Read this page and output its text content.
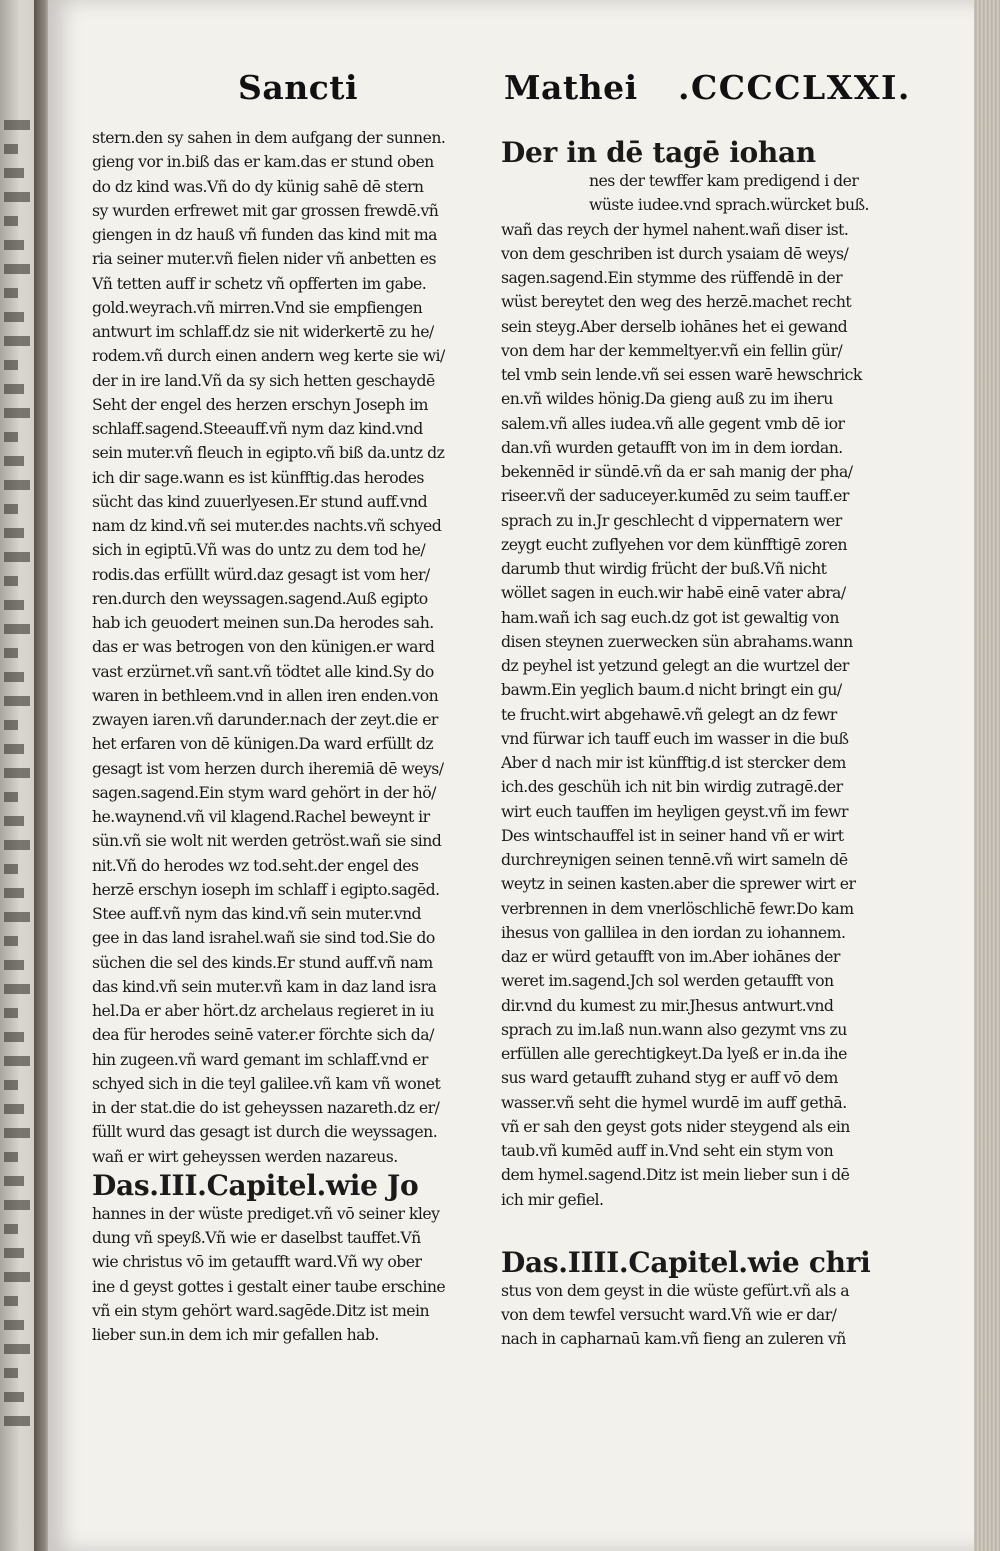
Sancti	Mathei .CCCCLXXI.
stern.den sy sahen in dem aufgang der sunnen.
gieng vor in.biß das er kam.das er stund oben
do dz kind was.Vñ do dy künig sahē dē stern
sy wurden erfrewet mit gar grossen frewdē.vñ
giengen in dz hauß vñ funden das kind mit ma
ria seiner muter.vñ fielen nider vñ anbetten es
Vñ tetten auff ir schetz vñ opfferten im gabe.
gold.weyrach.vñ mirren.Vnd sie empfiengen
antwurt im schlaff.dz sie nit widerkertē zu he/
rodem.vñ durch einen andern weg kerte sie wi/
der in ire land.Vñ da sy sich hetten geschaydē
Seht der engel des herzen erschyn Joseph im
schlaff.sagend.Steeauff.vñ nym daz kind.vnd
sein muter.vñ fleuch in egipto.vñ biß da.untz dz
ich dir sage.wann es ist künfftig.das herodes
sücht das kind zuuerlyesen.Er stund auff.vnd
nam dz kind.vñ sei muter.des nachts.vñ schyed
sich in egiptū.Vñ was do untz zu dem tod he/
rodis.das erfüllt würd.daz gesagt ist vom her/
ren.durch den weyssagen.sagend.Auß egipto
hab ich geuodert meinen sun.Da herodes sah.
das er was betrogen von den künigen.er ward
vast erzürnet.vñ sant.vñ tödtet alle kind.Sy do
waren in bethleem.vnd in allen iren enden.von
zwayen iaren.vñ darunder.nach der zeyt.die er
het erfaren von dē künigen.Da ward erfüllt dz
gesagt ist vom herzen durch iheremiā dē weys/
sagen.sagend.Ein stym ward gehört in der hö/
he.waynend.vñ vil klagend.Rachel beweynt ir
sün.vñ sie wolt nit werden getröst.wañ sie sind
nit.Vñ do herodes wz tod.seht.der engel des
herzē erschyn ioseph im schlaff i egipto.sagēd.
Stee auff.vñ nym das kind.vñ sein muter.vnd
gee in das land israhel.wañ sie sind tod.Sie do
süchen die sel des kinds.Er stund auff.vñ nam
das kind.vñ sein muter.vñ kam in daz land isra
hel.Da er aber hört.dz archelaus regieret in iu
dea für herodes seinē vater.er förchte sich da/
hin zugeen.vñ ward gemant im schlaff.vnd er
schyed sich in die teyl galilee.vñ kam vñ wonet
in der stat.die do ist geheyssen nazareth.dz er/
füllt wurd das gesagt ist durch die weyssagen.
wañ er wirt geheyssen werden nazareus.
Das.III.Capitel.wie Jo
hannes in der wüste prediget.vñ vō seiner kley
dung vñ speyß.Vñ wie er daselbst tauffet.Vñ
wie christus vō im getaufft ward.Vñ wy ober
ine d geyst gottes i gestalt einer taube erschine
vñ ein stym gehört ward.sagēde.Ditz ist mein
lieber sun.in dem ich mir gefallen hab.
Der in dē tagē iohan
nes der tewffer kam predigend i der
wüste iudee.vnd sprach.würcket buß.
wañ das reych der hymel nahent.wañ diser ist.
von dem geschriben ist durch ysaiam dē weys/
sagen.sagend.Ein stymme des rüffendē in der
wüst bereytet den weg des herzē.machet recht
sein steyg.Aber derselb iohānes het ei gewand
von dem har der kemmeltyer.vñ ein fellin gür/
tel vmb sein lende.vñ sei essen warē hewschrick
en.vñ wildes hönig.Da gieng auß zu im iheru
salem.vñ alles iudea.vñ alle gegent vmb dē ior
dan.vñ wurden getaufft von im in dem iordan.
bekennēd ir sündē.vñ da er sah manig der pha/
riseer.vñ der saduceyer.kumēd zu seim tauff.er
sprach zu in.Jr geschlecht d vippernatern wer
zeygt eucht zuflyehen vor dem künfftigē zoren
darumb thut wirdig frücht der buß.Vñ nicht
wöllet sagen in euch.wir habē einē vater abra/
ham.wañ ich sag euch.dz got ist gewaltig von
disen steynen zuerwecken sün abrahams.wann
dz peyhel ist yetzund gelegt an die wurtzel der
bawm.Ein yeglich baum.d nicht bringt ein gu/
te frucht.wirt abgehawē.vñ gelegt an dz fewr
vnd fürwar ich tauff euch im wasser in die buß
Aber d nach mir ist künfftig.d ist stercker dem
ich.des geschüh ich nit bin wirdig zutragē.der
wirt euch tauffen im heyligen geyst.vñ im fewr
Des wintschauffel ist in seiner hand vñ er wirt
durchreynigen seinen tennē.vñ wirt sameln dē
weytz in seinen kasten.aber die sprewer wirt er
verbrennen in dem vnerlöschlichē fewr.Do kam
ihesus von gallilea in den iordan zu iohannem.
daz er würd getaufft von im.Aber iohānes der
weret im.sagend.Jch sol werden getaufft von
dir.vnd du kumest zu mir.Jhesus antwurt.vnd
sprach zu im.laß nun.wann also gezymt vns zu
erfüllen alle gerechtigkeyt.Da lyeß er in.da ihe
sus ward getaufft zuhand styg er auff vō dem
wasser.vñ seht die hymel wurdē im auff gethā.
vñ er sah den geyst gots nider steygend als ein
taub.vñ kumēd auff in.Vnd seht ein stym von
dem hymel.sagend.Ditz ist mein lieber sun i dē
ich mir gefiel.
Das.IIII.Capitel.wie chri
stus von dem geyst in die wüste gefürt.vñ als a
von dem tewfel versucht ward.Vñ wie er dar/
nach in capharnaū kam.vñ fieng an zuleren vñ
